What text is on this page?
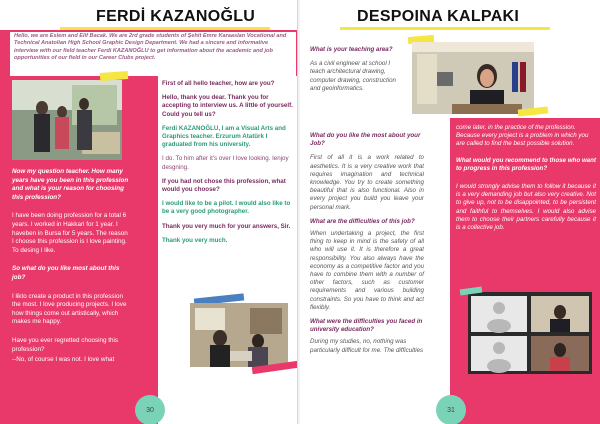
FERDİ KAZANOĞLU

Hello, we are Eslem and Elif Bacak. We are 2rd grade students of Şehit Emre Karaaslan Vocational and Technical Anatolian High School Graphic Design Department. We had a sincere and informative interview with our field teacher Ferdi KAZANOĞLU to get information about the academic and job opportunities of our field in our Career Clubs project.

Now my question teacher. How many years have you been in this profession and what is your reason for choosing this profession?

I have been doing profession for a total 6 years. I worked in Hakkari for 1 year. I haveben in Bursa for 5 years. The reason I choose this profession is I love painting. To desing I like.

So what do you like most about this job?

I likto create a product in this profession the most. I love producing projects. I love how things come out artistically, which makes me happy.

Have you ever regretted choosing this profession?

--No, of course I was not. I love what

First of all hello teacher, how are you?

Hello, thank you dear. Thank you for accepting to interview us. A little of yourself. Could you tell us?

Ferdi KAZANOĞLU, I am a Visual Arts and Graphics teacher. Erzurum Atatürk I graduated from his university.

I do. To him after it's over I love looking. Ienjoy desgning.

If you had not chose this profession, what would you choose?

I would like to be a pilot. I would also like to be a very good photographer.

Thank you very much for your answers, Sir.

Thank you very much.

30
DESPOINA KALPAKI

What is your teaching area?

As a civil engineer at school I teach architectural drawing, computer drawing, construction and geoinformatics.

What do you like the most about your Job?

First of all it is a work related to aesthetics. It is a very creative work that requires imagination and technical knowledge. You try to create something beautiful that is also functional. Also in every project you build you leave your personal mark.

What are the difficulties of this job?

When undertaking a project, the first thing to keep in mind is the safety of all who will use it. It is therefore a great responsibility. You also always have the economy as a competitive factor and you have to combine them with a number of other factors, such as customer requirements and various building constraints. So you have to think and act flexibly.

What were the difficulties you faced in university education?

During my studies, no, nothing was particularly difficult for me. The difficulties

come later, in the practice of the profession. Because every project is a problem in which you are called to find the best possible solution.

What would you recommend to those who want to progress in this profession?

I would strongly advise them to follow it because it is a very demanding job but also very creative. Not to give up, not to be disappointed, to be persistent and faithful to themselves. I would also advise them to choose their partners carefully because it is a collective job.

31
